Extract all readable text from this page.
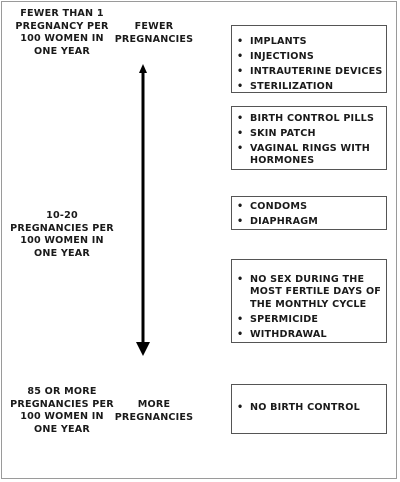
FEWER THAN 1 PREGNANCY PER 100 WOMEN IN ONE YEAR
10-20 PREGNANCIES PER 100 WOMEN IN ONE YEAR
85 OR MORE PREGNANCIES PER 100 WOMEN IN ONE YEAR
FEWER PREGNANCIES
MORE PREGNANCIES
• IMPLANTS
• INJECTIONS
• INTRAUTERINE DEVICES
• STERILIZATION
• BIRTH CONTROL PILLS
• SKIN PATCH
• VAGINAL RINGS WITH HORMONES
• CONDOMS
• DIAPHRAGM
• NO SEX DURING THE MOST FERTILE DAYS OF THE MONTHLY CYCLE
• SPERMICIDE
• WITHDRAWAL
• NO BIRTH CONTROL
